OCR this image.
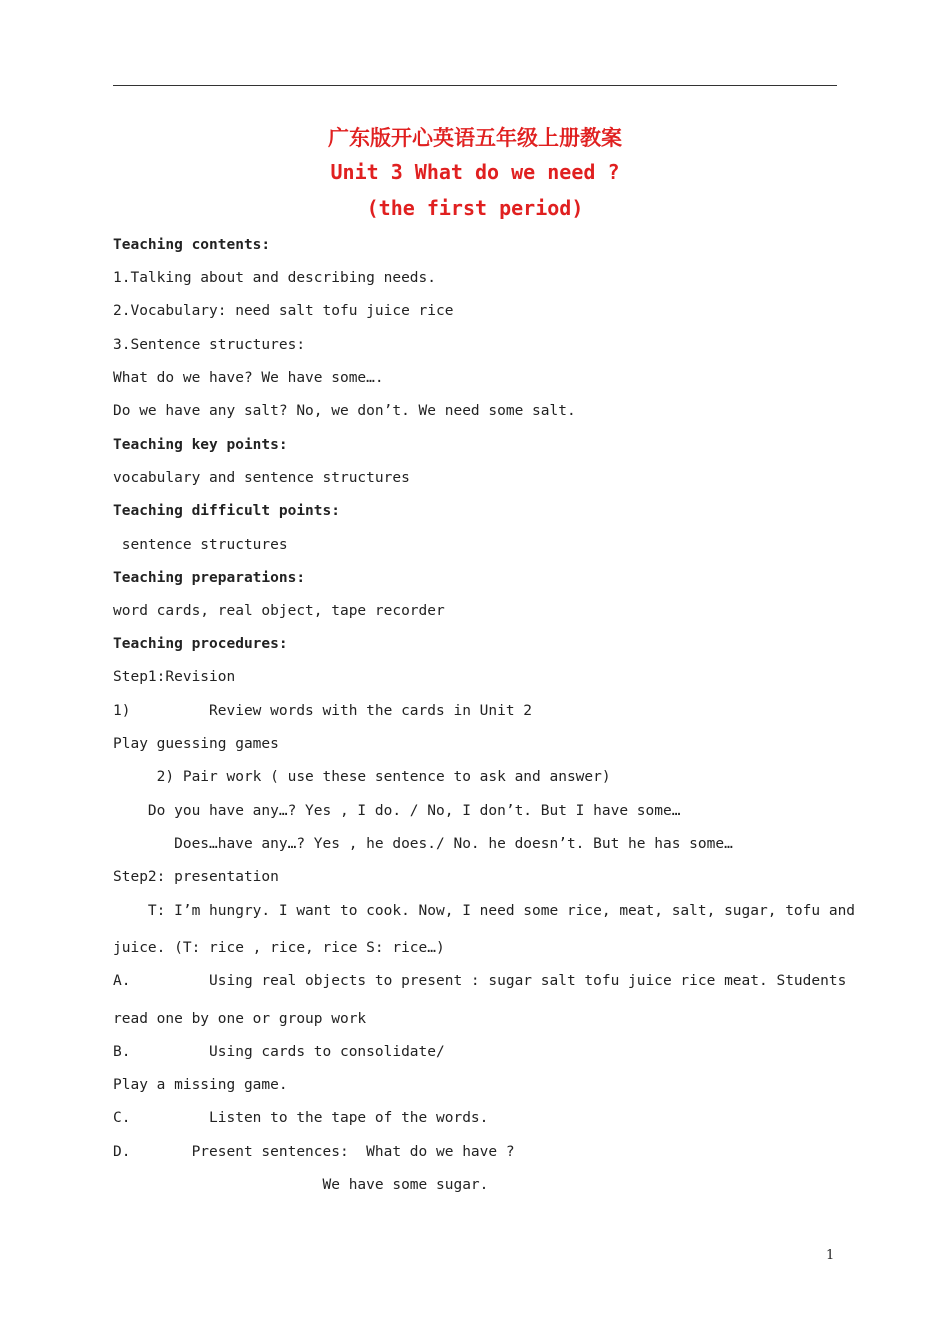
广东版开心英语五年级上册教案
Unit 3 What do we need ?
(the first period)
Teaching contents:
1.Talking about and describing needs.
2.Vocabulary: need salt tofu juice rice
3.Sentence structures:
What do we have? We have some….
Do we have any salt? No, we don’t. We need some salt.
Teaching key points:
vocabulary and sentence structures
Teaching difficult points:
sentence structures
Teaching preparations:
word cards, real object, tape recorder
Teaching procedures:
Step1:Revision
1)         Review words with the cards in Unit 2
Play guessing games
2) Pair work ( use these sentence to ask and answer)
Do you have any…? Yes , I do. / No, I don’t. But I have some…
Does…have any…? Yes , he does./ No. he doesn’t. But he has some…
Step2: presentation
T: I’m hungry. I want to cook. Now, I need some rice, meat, salt, sugar, tofu and
juice. (T: rice , rice, rice S: rice…)
A.         Using real objects to present : sugar salt tofu juice rice meat. Students
read one by one or group work
B.         Using cards to consolidate/
Play a missing game.
C.         Listen to the tape of the words.
D.       Present sentences:  What do we have ?
We have some sugar.
1
